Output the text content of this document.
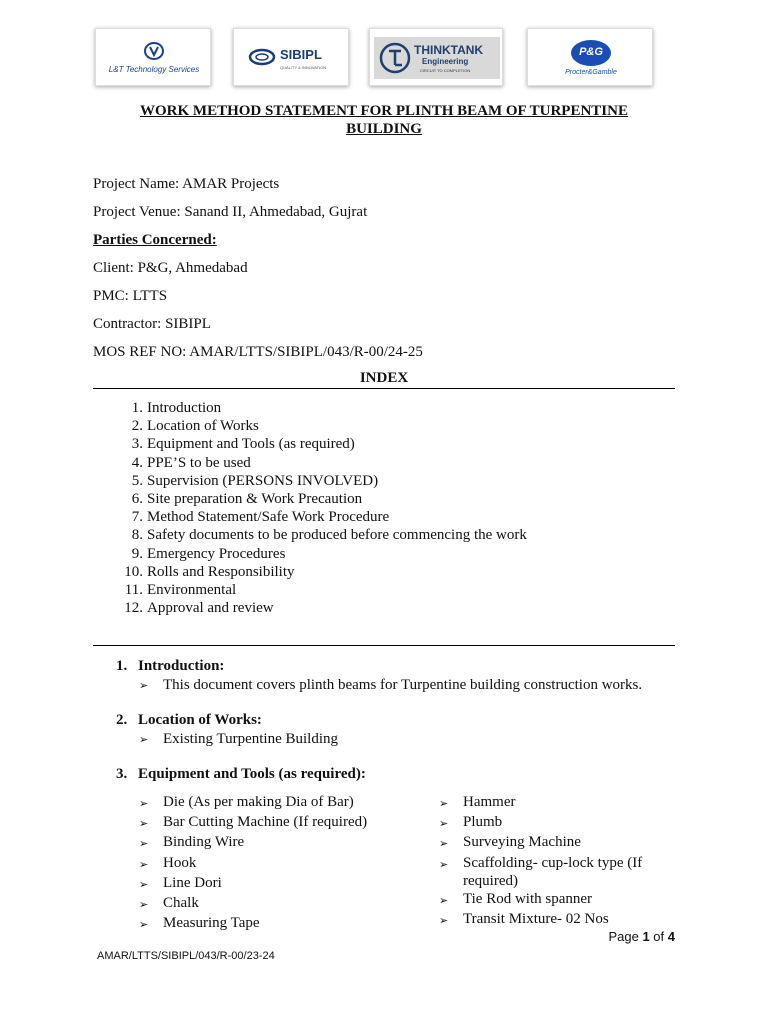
L&T Technology Services
SIBIPL
QUALITY & INNOVATION
THINKTANK
Engineering
CIRCUIT TO COMPLETION
P&G
Procter&Gamble
WORK METHOD STATEMENT FOR PLINTH BEAM OF TURPENTINE
BUILDING
Project Name: AMAR Projects
Project Venue: Sanand II, Ahmedabad, Gujrat
Parties Concerned:
Client: P&G, Ahmedabad
PMC: LTTS
Contractor: SIBIPL
MOS REF NO: AMAR/LTTS/SIBIPL/043/R-00/24-25
INDEX
1. Introduction
2. Location of Works
3. Equipment and Tools (as required)
4. PPE’S to be used
5. Supervision (PERSONS INVOLVED)
6. Site preparation & Work Precaution
7. Method Statement/Safe Work Procedure
8. Safety documents to be produced before commencing the work
9. Emergency Procedures
10. Rolls and Responsibility
11. Environmental
12. Approval and review
1. Introduction:
➢ This document covers plinth beams for Turpentine building construction works.
2. Location of Works:
➢ Existing Turpentine Building
3. Equipment and Tools (as required):
➢ Die (As per making Dia of Bar)
➢ Bar Cutting Machine (If required)
➢ Binding Wire
➢ Hook
➢ Line Dori
➢ Chalk
➢ Measuring Tape
➢ Hammer
➢ Plumb
➢ Surveying Machine
➢ Scaffolding- cup-lock type (If required)
➢ Tie Rod with spanner
➢ Transit Mixture- 02 Nos
Page 1 of 4
AMAR/LTTS/SIBIPL/043/R-00/23-24
